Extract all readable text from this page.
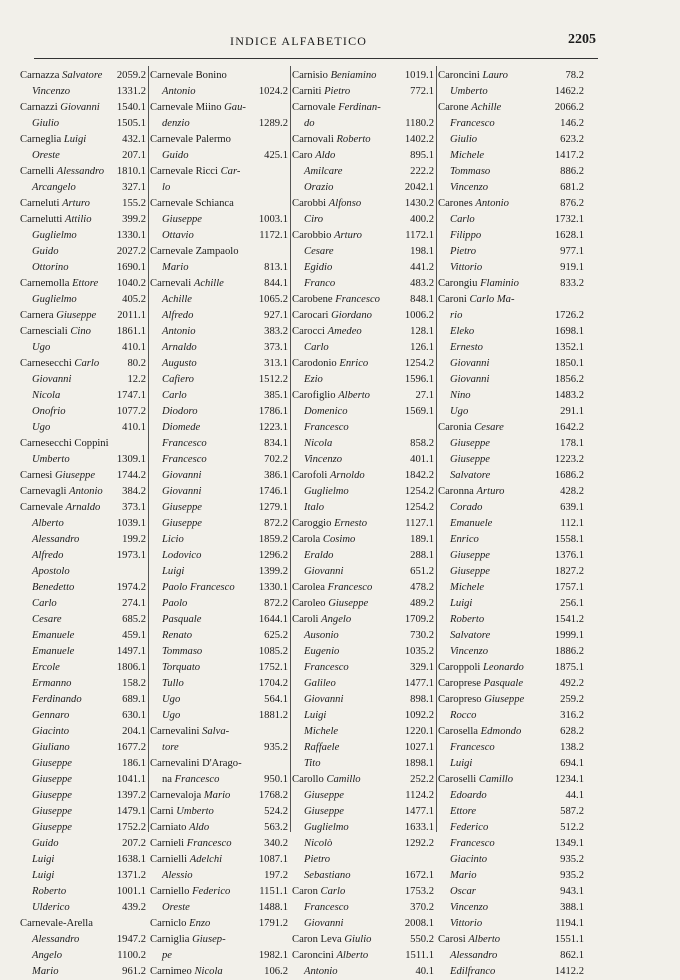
INDICE ALFABETICO	2205
Carnazza Salvatore 2059.2
Vincenzo	1331.2
Carnazzi Giovanni 1540.1
Giulio	1505.1
Carneglia Luigi	432.1
Oreste	207.1
Carnelli Alessandro 1810.1
Arcangelo	327.1
Carneluti Arturo	155.2
Carnelutti Attilio	399.2
Guglielmo	1330.1
Guido	2027.2
Ottorino	1690.1
Carnemolla Ettore	1040.2
Guglielmo	405.2
Carnera Giuseppe	2011.1
Carnesciali Cino	1861.1
Ugo	410.1
Carnesecchi Carlo	80.2
Giovanni	12.2
Nicola	1747.1
Onofrio	1077.2
Ugo	410.1
Carnesecchi Coppini
Umberto	1309.1
Carnesi Giuseppe	1744.2
Carnevagli Antonio 384.2
Carnevale Arnaldo 373.1
Alberto	1039.1
Alessandro	199.2
Alfredo	1973.1
Apostolo
Benedetto	1974.2
Carlo	274.1
Cesare	685.2
Emanuele	459.1
Emanuele	1497.1
Ercole	1806.1
Ermanno	158.2
Ferdinando	689.1
Gennaro	630.1
Giacinto	204.1
Giuliano	1677.2
Giuseppe	186.1
Giuseppe	1041.1
Giuseppe	1397.2
Giuseppe	1479.1
Giuseppe	1752.2
Guido	207.2
Luigi	1638.1
Luigi	1371.2
Roberto	1001.1
Ulderico	439.2
Carnevale-Arella
Alessandro	1947.2
Angelo	1100.2
Mario	961.2
Carnevale Bonino
Antonio	1024.2
Carnevale Miino Gau-
denzio	1289.2
Carnevale Palermo
Guido	425.1
Carnevale Ricci Car-
lo
Carnevale Schianca
Giuseppe	1003.1
Ottavio	1172.1
Carnevale Zampaolo
Mario	813.1
Carnevali Achille	844.1
Achille	1065.2
Alfredo	927.1
Antonio	383.2
Arnaldo	373.1
Augusto	313.1
Cafiero	1512.2
Carlo	385.1
Diodoro	1786.1
Diomede	1223.1
Francesco	834.1
Francesco	702.2
Giovanni	386.1
Giovanni	1746.1
Giuseppe	1279.1
Giuseppe	872.2
Licio	1859.2
Lodovico	1296.2
Luigi	1399.2
Paolo Francesco	1330.1
Paolo	872.2
Pasquale	1644.1
Renato	625.2
Tommaso	1085.2
Torquato	1752.1
Tullo	1704.2
Ugo	564.1
Ugo	1881.2
Carnevalini Salva-
tore	935.2
Carnevalini D'Arago-
na Francesco	950.1
Carnevaloja Mario	1768.2
Carni Umberto	524.2
Carniato Aldo	563.2
Carnieli Francesco	340.2
Carnielli Adelchi	1087.1
Alessio	197.2
Carniello Federico	1151.1
Oreste	1488.1
Carniclo Enzo	1791.2
Carniglia Giusep-
pe	1982.1
Carnimeo Nicola	106.2
Carnisio Beniamino	1019.1
Carniti Pietro	772.1
Carnovale Ferdinan-
do	1180.2
Carnovali Roberto	1402.2
Caro Aldo	895.1
Amilcare	222.2
Orazio	2042.1
Carobbi Alfonso	1430.2
Ciro	400.2
Carobbio Arturo	1172.1
Cesare	198.1
Egidio	441.2
Franco	483.2
Carobene Francesco	848.1
Carocari Giordano	1006.2
Carocci Amedeo	128.1
Carlo	126.1
Carodonio Enrico	1254.2
Ezio	1596.1
Carofiglio Alberto	27.1
Domenico	1569.1
Francesco
Nicola	858.2
Vincenzo	401.1
Carofoli Arnoldo	1842.2
Guglielmo	1254.2
Italo	1254.2
Caroggio Ernesto	1127.1
Carola Cosimo	189.1
Eraldo	288.1
Giovanni	651.2
Carolea Francesco	478.2
Caroleo Giuseppe	489.2
Caroli Angelo	1709.2
Ausonio	730.2
Eugenio	1035.2
Francesco	329.1
Galileo	1477.1
Giovanni	898.1
Luigi	1092.2
Michele	1220.1
Raffaele	1027.1
Tito	1898.1
Carollo Camillo	252.2
Giuseppe	1124.2
Giuseppe	1477.1
Guglielmo	1633.1
Nicolò	1292.2
Pietro
Sebastiano	1672.1
Caron Carlo	1753.2
Francesco	370.2
Giovanni	2008.1
Caron Leva Giulio	550.2
Caroncini Alberto	1511.1
Antonio	40.1
Caroncini Lauro	78.2
Umberto	1462.2
Carone Achille	2066.2
Francesco	146.2
Giulio	623.2
Michele	1417.2
Tommaso	886.2
Vincenzo	681.2
Carones Antonio	876.2
Carlo	1732.1
Filippo	1628.1
Pietro	977.1
Vittorio	919.1
Carongiu Flaminio	833.2
Caroni Carlo Ma-
rio	1726.2
Eleko	1698.1
Ernesto	1352.1
Giovanni	1850.1
Giovanni	1856.2
Nino	1483.2
Ugo	291.1
Caronia Cesare	1642.2
Giuseppe	178.1
Giuseppe	1223.2
Salvatore	1686.2
Caronna Arturo	428.2
Corado	639.1
Emanuele	112.1
Enrico	1558.1
Giuseppe	1376.1
Giuseppe	1827.2
Michele	1757.1
Luigi	256.1
Roberto	1541.2
Salvatore	1999.1
Vincenzo	1886.2
Caroppoli Leonardo	1875.1
Caroprese Pasquale	492.2
Caropreso Giuseppe	259.2
Rocco	316.2
Carosella Edmondo	628.2
Francesco	138.2
Luigi	694.1
Caroselli Camillo	1234.1
Edoardo	44.1
Ettore	587.2
Federico	512.2
Francesco	1349.1
Giacinto	935.2
Mario	935.2
Oscar	943.1
Vincenzo	388.1
Vittorio	1194.1
Carosi Alberto	1551.1
Alessandro	862.1
Edilfranco	1412.2
